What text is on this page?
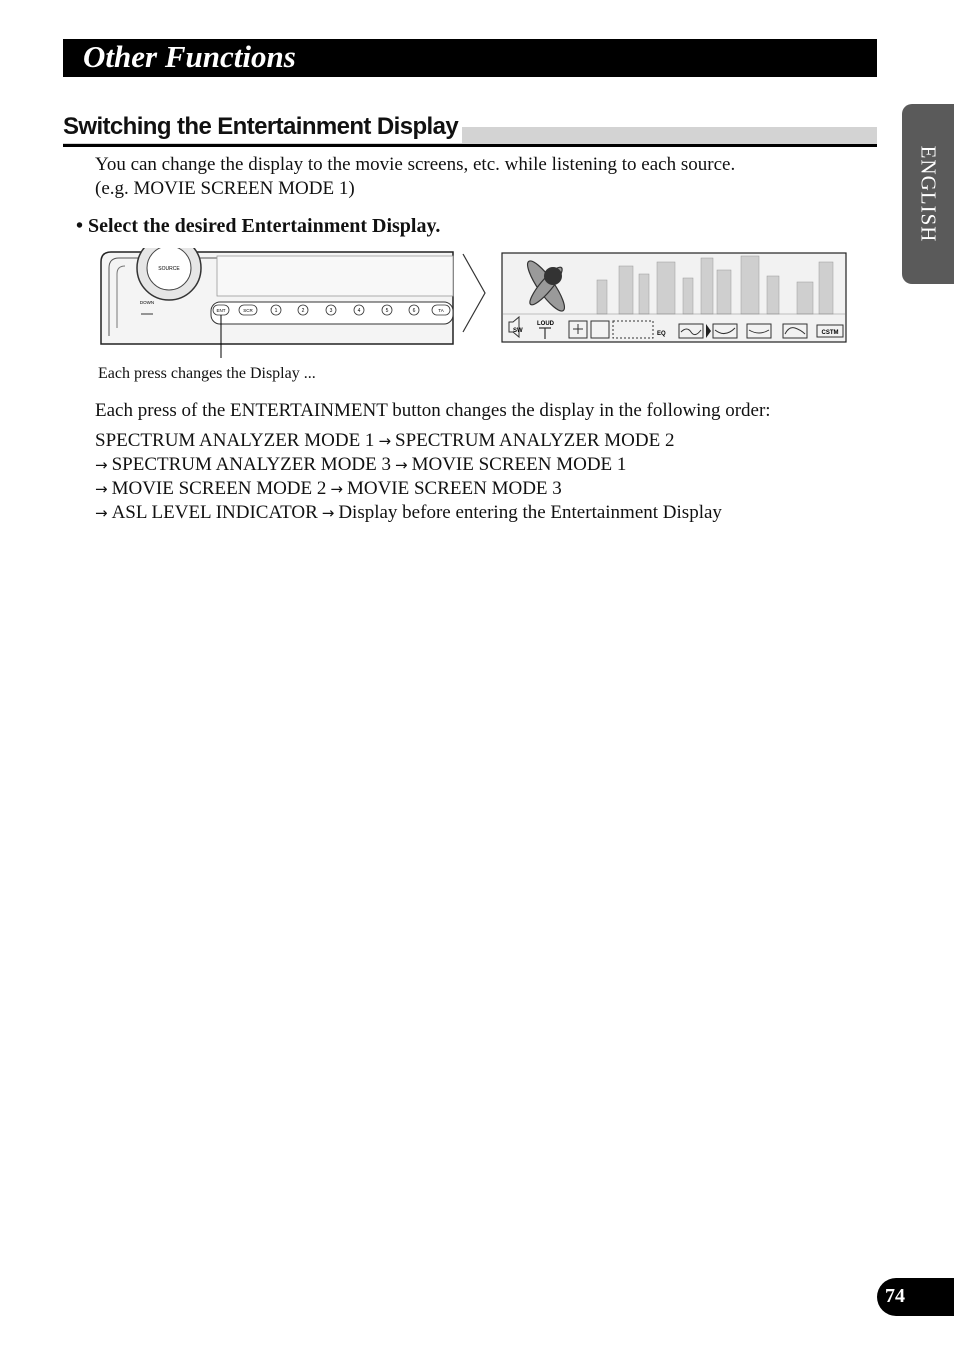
Other Functions
ENGLISH
Switching the Entertainment Display
You can change the display to the movie screens, etc. while listening to each source.
(e.g. MOVIE SCREEN MODE 1)
• Select the desired Entertainment Display.
SOURCE
DOWN
ENT	SCR	1	2	3	4	5	6	TA
SW
LOUD
EQ	CSTM
Each press changes the Display ...
Each press of the ENTERTAINMENT button changes the display in the following order:
SPECTRUM ANALYZER MODE 1 → SPECTRUM ANALYZER MODE 2
→ SPECTRUM ANALYZER MODE 3 → MOVIE SCREEN MODE 1
→ MOVIE SCREEN MODE 2 → MOVIE SCREEN MODE 3
→ ASL LEVEL INDICATOR → Display before entering the Entertainment Display
74
